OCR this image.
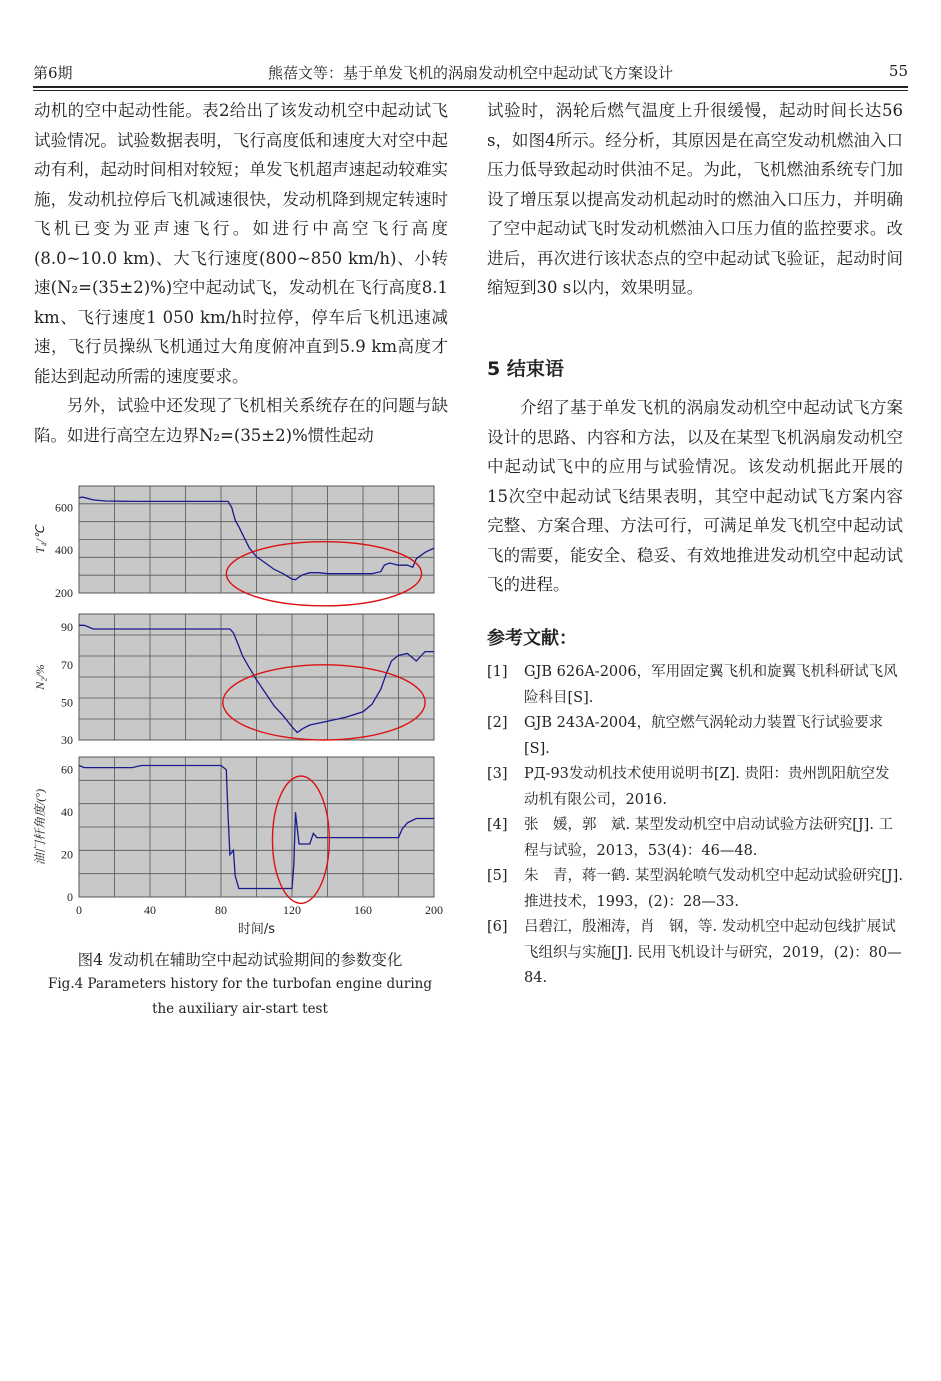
第6期	熊蓓文等：基于单发飞机的涡扇发动机空中起动试飞方案设计	55

动机的空中起动性能。表2给出了该发动机空中起动试飞试验情况。试验数据表明，飞行高度低和速度大对空中起动有利，起动时间相对较短；单发飞机超声速起动较难实施，发动机拉停后飞机减速很快，发动机降到规定转速时飞机已变为亚声速飞行。如进行中高空飞行高度(8.0~10.0 km)、大飞行速度(800~850 km/h)、小转速(N₂=(35±2)%)空中起动试飞，发动机在飞行高度8.1 km、飞行速度1 050 km/h时拉停，停车后飞机迅速减速，飞行员操纵飞机通过大角度俯冲直到5.9 km高度才能达到起动所需的速度要求。

另外，试验中还发现了飞机相关系统存在的问题与缺陷。如进行高空左边界N₂=(35±2)%惯性起动

试验时，涡轮后燃气温度上升很缓慢，起动时间长达56 s，如图4所示。经分析，其原因是在高空发动机燃油入口压力低导致起动时供油不足。为此，飞机燃油系统专门加设了增压泵以提高发动机起动时的燃油入口压力，并明确了空中起动试飞时发动机燃油入口压力值的监控要求。改进后，再次进行该状态点的空中起动试飞验证，起动时间缩短到30 s以内，效果明显。

5 结束语

介绍了基于单发飞机的涡扇发动机空中起动试飞方案设计的思路、内容和方法，以及在某型飞机涡扇发动机空中起动试飞中的应用与试验情况。该发动机据此开展的15次空中起动试飞结果表明，其空中起动试飞方案内容完整、方案合理、方法可行，可满足单发飞机空中起动试飞的需要，能安全、稳妥、有效地推进发动机空中起动试飞的进程。

参考文献：
[1] GJB 626A-2006，军用固定翼飞机和旋翼飞机科研试飞风险科目[S].
[2] GJB 243A-2004，航空燃气涡轮动力装置飞行试验要求[S].
[3] РД-93发动机技术使用说明书[Z]. 贵阳：贵州凯阳航空发动机有限公司，2016.
[4] 张　媛，郭　斌. 某型发动机空中启动试验方法研究[J]. 工程与试验，2013，53(4)：46—48.
[5] 朱　青，蒋一鹤. 某型涡轮喷气发动机空中起动试验研究[J]. 推进技术，1993，(2)：28—33.
[6] 吕碧江，殷湘涛，肖　钢，等. 发动机空中起动包线扩展试飞组织与实施[J]. 民用飞机设计与研究，2019，(2)：80—84.
200
400
600
T₄/℃
30
50
70
90
N₂/%
0
20
40
60
油门杆角度/(°)
0	40	80	120	160	200
时间/s
图4 发动机在辅助空中起动试验期间的参数变化
Fig.4 Parameters history for the turbofan engine during
the auxiliary air-start test
